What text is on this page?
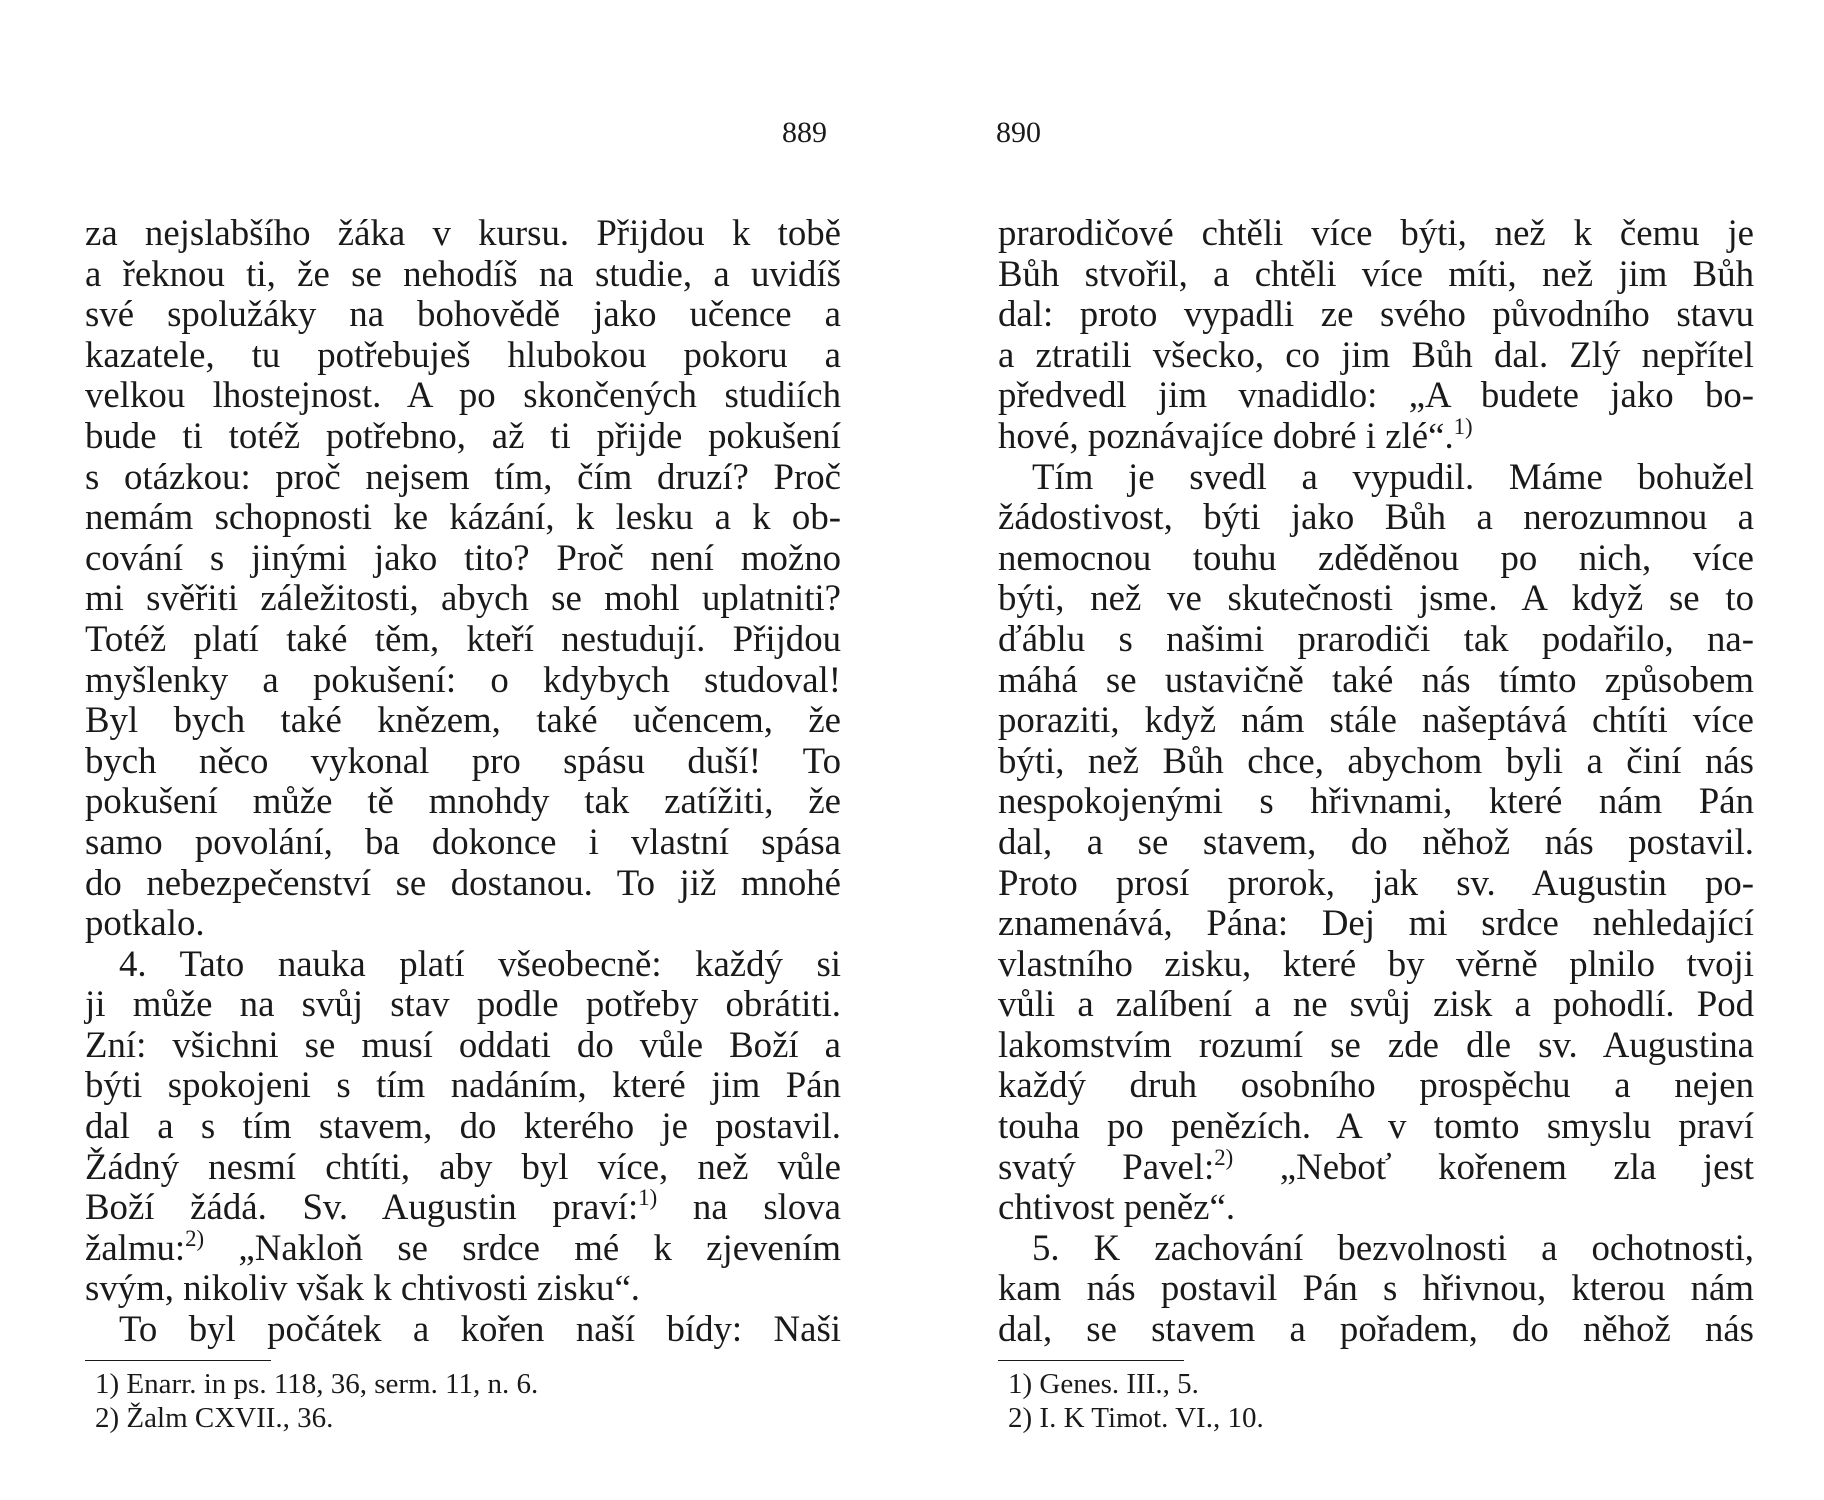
889	890
za nejslabšího žáka v kursu. Přijdou k tobě
a řeknou ti, že se nehodíš na studie, a uvidíš
své spolužáky na bohovědě jako učence a
kazatele, tu potřebuješ hlubokou pokoru a
velkou lhostejnost. A po skončených studiích
bude ti totéž potřebno, až ti přijde pokušení
s otázkou: proč nejsem tím, čím druzí? Proč
nemám schopnosti ke kázání, k lesku a k ob-
cování s jinými jako tito? Proč není možno
mi svěřiti záležitosti, abych se mohl uplatniti?
Totéž platí také těm, kteří nestudují. Přijdou
myšlenky a pokušení: o kdybych studoval!
Byl bych také knězem, také učencem, že
bych něco vykonal pro spásu duší! To
pokušení může tě mnohdy tak zatížiti, že
samo povolání, ba dokonce i vlastní spása
do nebezpečenství se dostanou. To již mnohé
potkalo.
4. Tato nauka platí všeobecně: každý si
ji může na svůj stav podle potřeby obrátiti.
Zní: všichni se musí oddati do vůle Boží a
býti spokojeni s tím nadáním, které jim Pán
dal a s tím stavem, do kterého je postavil.
Žádný nesmí chtíti, aby byl více, než vůle
Boží žádá. Sv. Augustin praví:$^{1)}$ na slova
žalmu:$^{2)}$ „Nakloň se srdce mé k zjevením
svým, nikoliv však k chtivosti zisku“.
To byl počátek a kořen naší bídy: Naši
1) Enarr. in ps. 118, 36, serm. 11, n. 6.
2) Žalm CXVII., 36.
prarodičové chtěli více býti, než k čemu je
Bůh stvořil, a chtěli více míti, než jim Bůh
dal: proto vypadli ze svého původního stavu
a ztratili všecko, co jim Bůh dal. Zlý nepřítel
předvedl jim vnadidlo: „A budete jako bo-
hové, poznávajíce dobré i zlé“.$^{1)}$
Tím je svedl a vypudil. Máme bohužel
žádostivost, býti jako Bůh a nerozumnou a
nemocnou touhu zděděnou po nich, více
býti, než ve skutečnosti jsme. A když se to
ďáblu s našimi prarodiči tak podařilo, na-
máhá se ustavičně také nás tímto způsobem
poraziti, když nám stále našeptává chtíti více
býti, než Bůh chce, abychom byli a činí nás
nespokojenými s hřivnami, které nám Pán
dal, a se stavem, do něhož nás postavil.
Proto prosí prorok, jak sv. Augustin po-
znamenává, Pána: Dej mi srdce nehledající
vlastního zisku, které by věrně plnilo tvoji
vůli a zalíbení a ne svůj zisk a pohodlí. Pod
lakomstvím rozumí se zde dle sv. Augustina
každý druh osobního prospěchu a nejen
touha po penězích. A v tomto smyslu praví
svatý Pavel:$^{2)}$ „Neboť kořenem zla jest
chtivost peněz“.
5. K zachování bezvolnosti a ochotnosti,
kam nás postavil Pán s hřivnou, kterou nám
dal, se stavem a pořadem, do něhož nás
1) Genes. III., 5.
2) I. K Timot. VI., 10.
